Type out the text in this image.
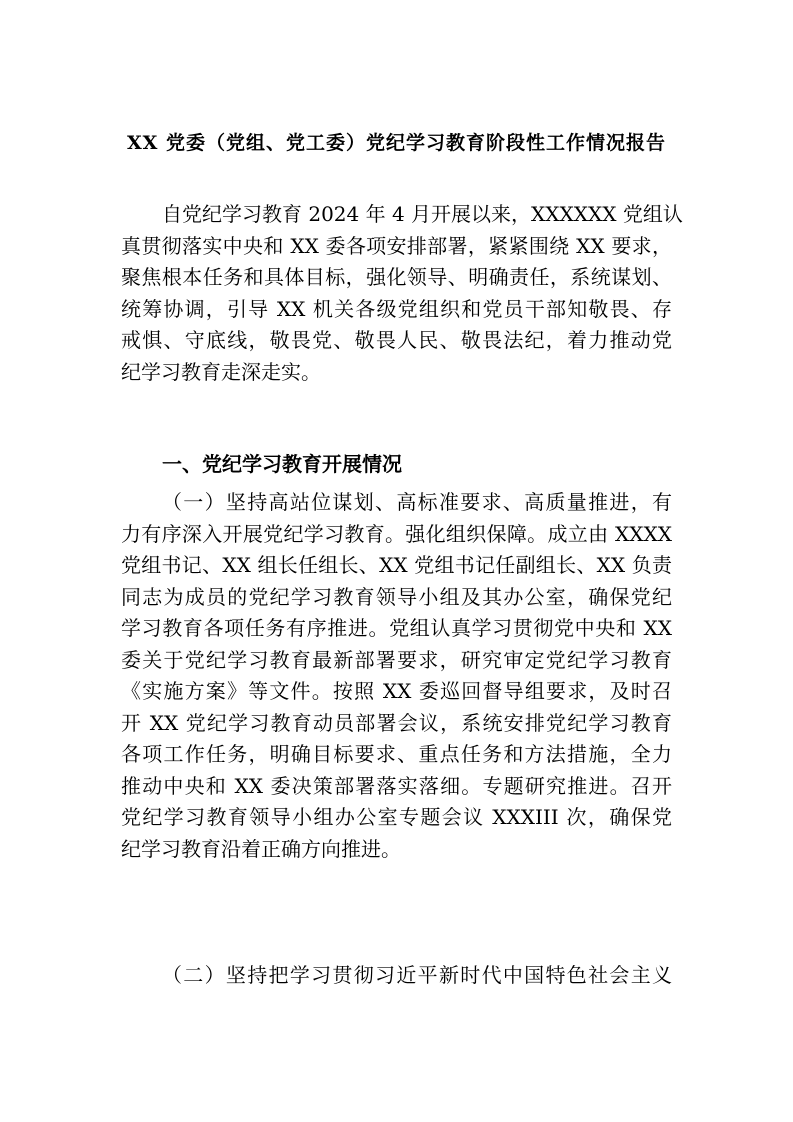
XX 党委（党组、党工委）党纪学习教育阶段性工作情况报告
自党纪学习教育 2024 年 4 月开展以来，XXXXXX 党组认
真贯彻落实中央和 XX 委各项安排部署，紧紧围绕 XX 要求，
聚焦根本任务和具体目标，强化领导、明确责任，系统谋划、
统筹协调，引导 XX 机关各级党组织和党员干部知敬畏、存
戒惧、守底线，敬畏党、敬畏人民、敬畏法纪，着力推动党
纪学习教育走深走实。
一、党纪学习教育开展情况
（一）坚持高站位谋划、高标准要求、高质量推进，有
力有序深入开展党纪学习教育。强化组织保障。成立由 XXXX
党组书记、XX 组长任组长、XX 党组书记任副组长、XX 负责
同志为成员的党纪学习教育领导小组及其办公室，确保党纪
学习教育各项任务有序推进。党组认真学习贯彻党中央和 XX
委关于党纪学习教育最新部署要求，研究审定党纪学习教育
《实施方案》等文件。按照 XX 委巡回督导组要求，及时召
开 XX 党纪学习教育动员部署会议，系统安排党纪学习教育
各项工作任务，明确目标要求、重点任务和方法措施，全力
推动中央和 XX 委决策部署落实落细。专题研究推进。召开
党纪学习教育领导小组办公室专题会议 XXXIII 次，确保党
纪学习教育沿着正确方向推进。
（二）坚持把学习贯彻习近平新时代中国特色社会主义
